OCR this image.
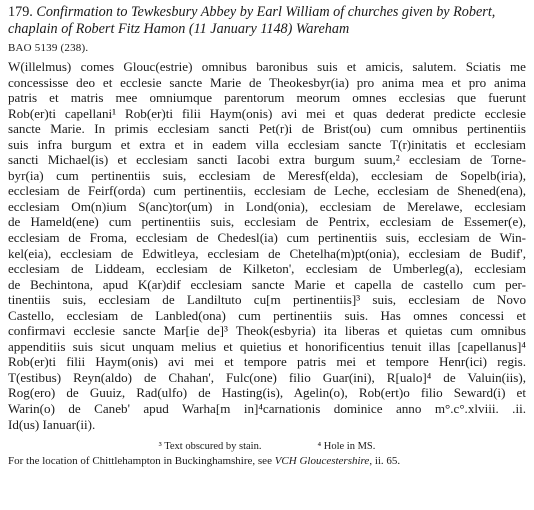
179. Confirmation to Tewkesbury Abbey by Earl William of churches given by Robert, chaplain of Robert Fitz Hamon (11 January 1148) Wareham

BAO 5139 (238).

W(illelmus) comes Glouc(estrie) omnibus baronibus suis et amicis, salutem. Sciatis me
concessisse deo et ecclesie sancte Marie de Theokesbyr(ia) pro anima mea et pro anima
patris et matris mee omniumque parentorum meorum omnes ecclesias que fuerunt
Rob(er)ti capellani¹ Rob(er)ti filii Haym(onis) avi mei et quas dederat predicte ecclesie
sancte Marie. In primis ecclesiam sancti Pet(r)i de Brist(ou) cum omnibus pertinentiis
suis infra burgum et extra et in eadem villa ecclesiam sancte T(r)initatis et ecclesiam
sancti Michael(is) et ecclesiam sancti Iacobi extra burgum suum,² ecclesiam de Torne-
byr(ia) cum pertinentiis suis, ecclesiam de Meresf(elda), ecclesiam de Sopelb(iria),
ecclesiam de Feirf(orda) cum pertinentiis, ecclesiam de Leche, ecclesiam de Shened(ena),
ecclesiam Om(n)ium S(anc)tor(um) in Lond(onia), ecclesiam de Merelawe, ecclesiam
de Hameld(ene) cum pertinentiis suis, ecclesiam de Pentrix, ecclesiam de Essemer(e),
ecclesiam de Froma, ecclesiam de Chedesl(ia) cum pertinentiis suis, ecclesiam de Win-
kel(eia), ecclesiam de Edwitleya, ecclesiam de Chetelha(m)pt(onia), ecclesiam de Budif',
ecclesiam de Liddeam, ecclesiam de Kilketon', ecclesiam de Umberleg(a), ecclesiam
de Bechintona, apud K(ar)dif ecclesiam sancte Marie et capella de castello cum per-
tinentiis suis, ecclesiam de Landiltuto cu[m pertinentiis]³ suis, ecclesiam de Novo
Castello, ecclesiam de Lanbled(ona) cum pertinentiis suis. Has omnes concessi et
confirmavi ecclesie sancte Mar[ie de]³ Theok(esbyria) ita liberas et quietas cum omnibus
appenditiis suis sicut unquam melius et quietius et honorificentius tenuit illas [capellanus]⁴
Rob(er)ti filii Haym(onis) avi mei et tempore patris mei et tempore Henr(ici) regis.
T(estibus) Reyn(aldo) de Chahan', Fulc(one) filio Guar(ini), R[ualo]⁴ de Valuin(iis),
Rog(ero) de Guuiz, Rad(ulfo) de Hasting(is), Agelin(o), Rob(ert)o filio Seward(i) et
Warin(o) de Caneb' apud Warha[m in]⁴carnationis dominice anno m°.c°.xlviii. .ii.
Id(us) Ianuar(ii).
³ Text obscured by stain.	⁴ Hole in MS.

For the location of Chittlehampton in Buckinghamshire, see VCH Gloucestershire, ii. 65.
